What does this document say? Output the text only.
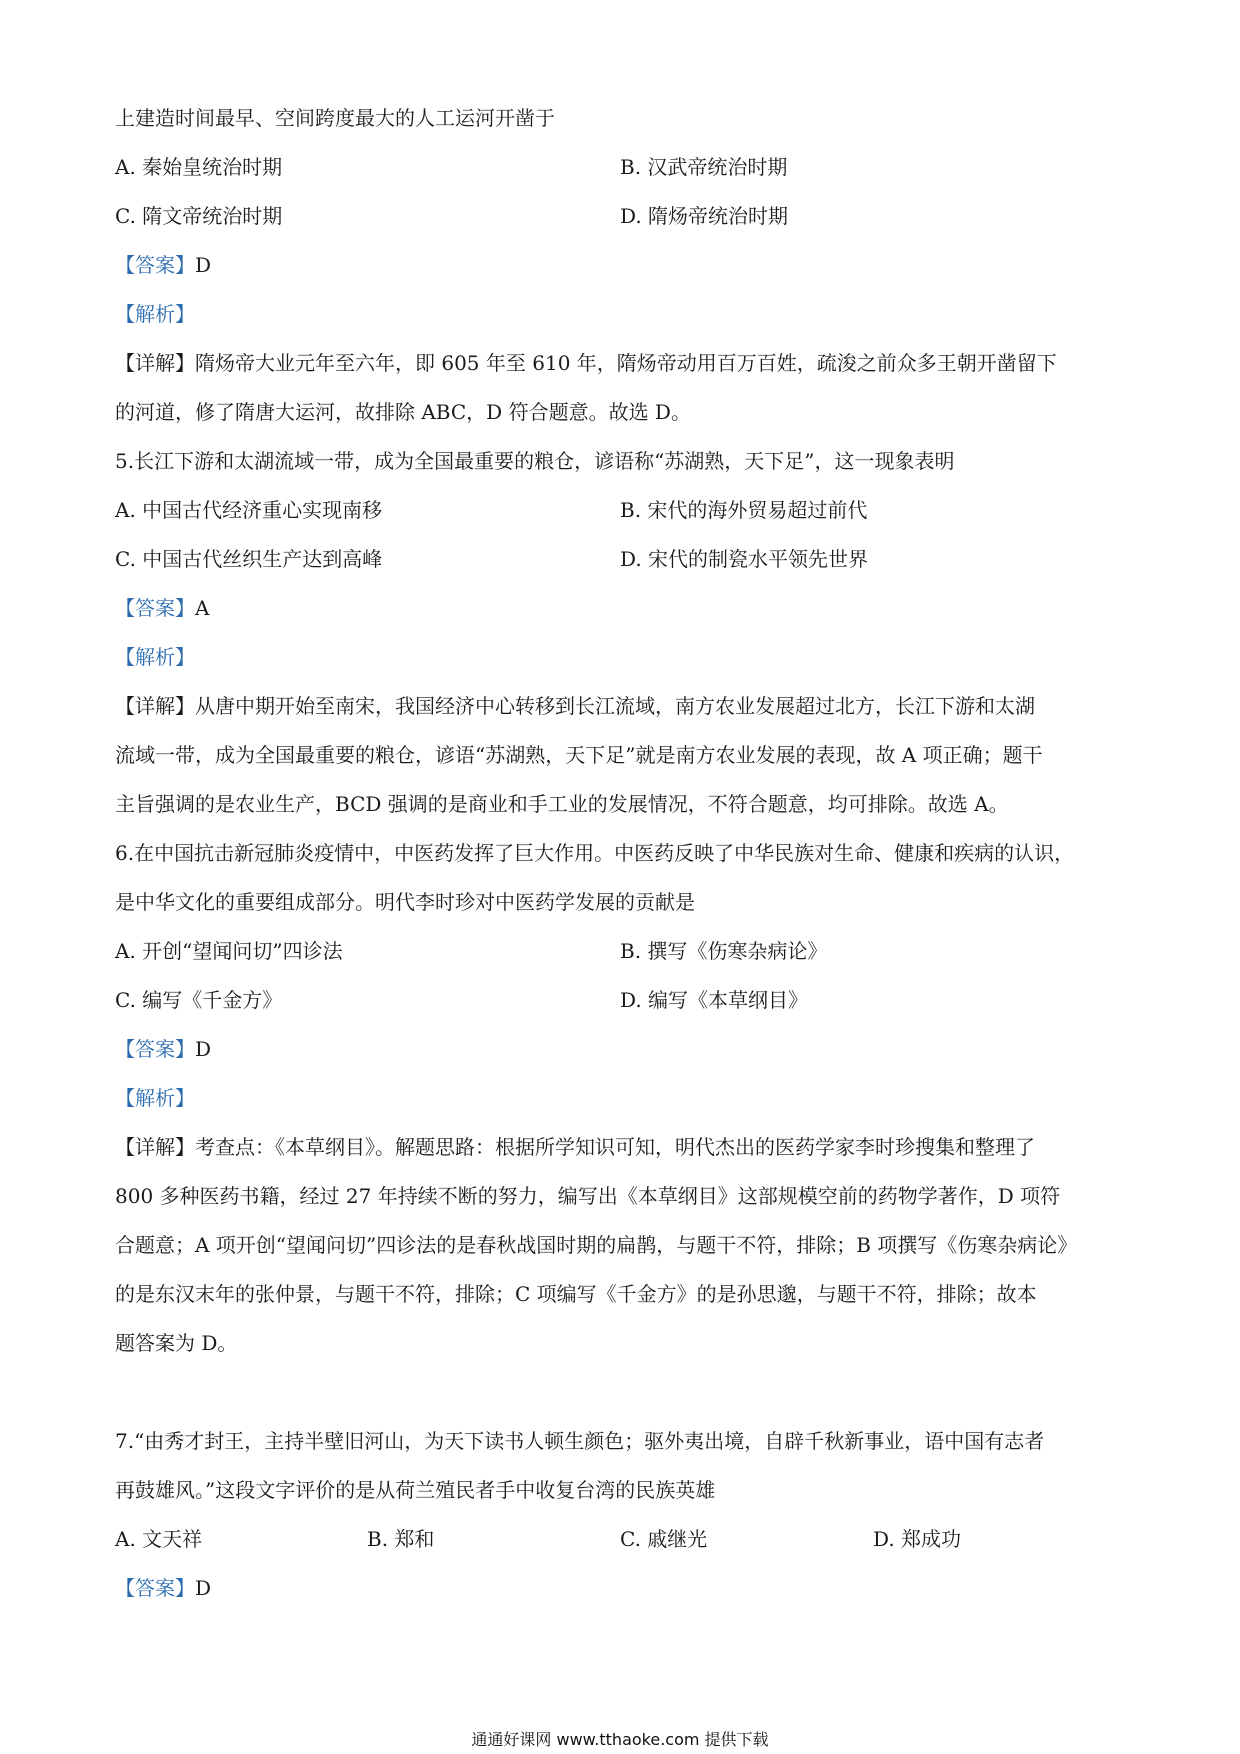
上建造时间最早、空间跨度最大的人工运河开凿于
A. 秦始皇统治时期	B. 汉武帝统治时期
C. 隋文帝统治时期	D. 隋炀帝统治时期
【答案】D
【解析】
【详解】隋炀帝大业元年至六年，即 605 年至 610 年，隋炀帝动用百万百姓，疏浚之前众多王朝开凿留下
的河道，修了隋唐大运河，故排除 ABC，D 符合题意。故选 D。
5.长江下游和太湖流域一带，成为全国最重要的粮仓，谚语称“苏湖熟，天下足”，这一现象表明
A. 中国古代经济重心实现南移	B. 宋代的海外贸易超过前代
C. 中国古代丝织生产达到高峰	D. 宋代的制瓷水平领先世界
【答案】A
【解析】
【详解】从唐中期开始至南宋，我国经济中心转移到长江流域，南方农业发展超过北方，长江下游和太湖
流域一带，成为全国最重要的粮仓，谚语“苏湖熟，天下足”就是南方农业发展的表现，故 A 项正确；题干
主旨强调的是农业生产，BCD 强调的是商业和手工业的发展情况，不符合题意，均可排除。故选 A。
6.在中国抗击新冠肺炎疫情中，中医药发挥了巨大作用。中医药反映了中华民族对生命、健康和疾病的认识，
是中华文化的重要组成部分。明代李时珍对中医药学发展的贡献是
A. 开创“望闻问切”四诊法	B. 撰写《伤寒杂病论》
C. 编写《千金方》	D. 编写《本草纲目》
【答案】D
【解析】
【详解】考查点：《本草纲目》。解题思路：根据所学知识可知，明代杰出的医药学家李时珍搜集和整理了
800 多种医药书籍，经过 27 年持续不断的努力，编写出《本草纲目》这部规模空前的药物学著作，D 项符
合题意；A 项开创“望闻问切”四诊法的是春秋战国时期的扁鹊，与题干不符，排除；B 项撰写《伤寒杂病论》
的是东汉末年的张仲景，与题干不符，排除；C 项编写《千金方》的是孙思邈，与题干不符，排除；故本
题答案为 D。
7.“由秀才封王，主持半壁旧河山，为天下读书人顿生颜色；驱外夷出境，自辟千秋新事业，语中国有志者
再鼓雄风。”这段文字评价的是从荷兰殖民者手中收复台湾的民族英雄
A. 文天祥	B. 郑和	C. 戚继光	D. 郑成功
【答案】D
通通好课网 www.tthaoke.com 提供下载
